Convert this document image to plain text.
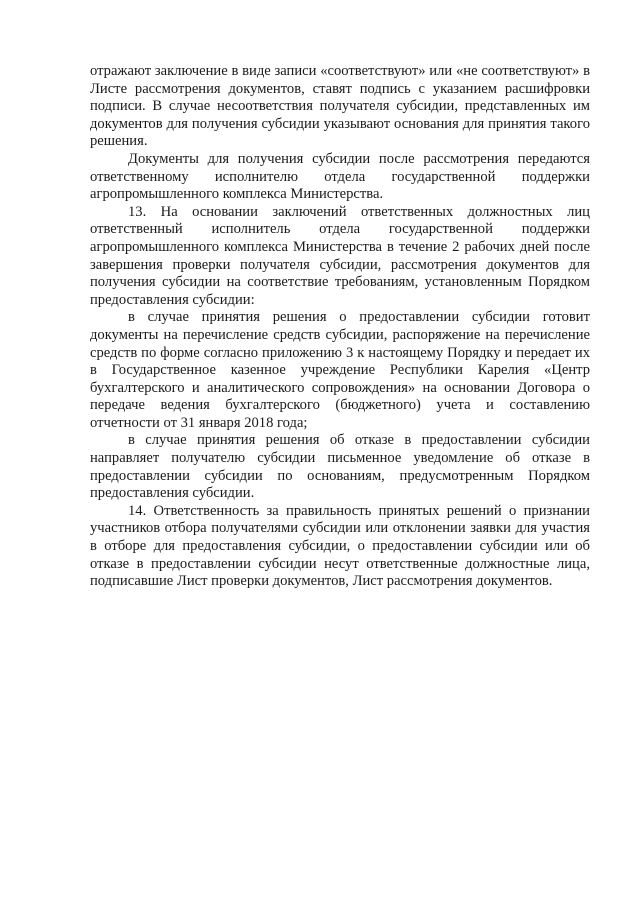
отражают заключение в виде записи «соответствуют» или «не соответствуют» в Листе рассмотрения документов, ставят подпись с указанием расшифровки подписи. В случае несоответствия получателя субсидии, представленных им документов для получения субсидии указывают основания для принятия такого решения.

Документы для получения субсидии после рассмотрения передаются ответственному исполнителю отдела государственной поддержки агропромышленного комплекса Министерства.

13. На основании заключений ответственных должностных лиц ответственный исполнитель отдела государственной поддержки агропромышленного комплекса Министерства в течение 2 рабочих дней после завершения проверки получателя субсидии, рассмотрения документов для получения субсидии на соответствие требованиям, установленным Порядком предоставления субсидии:

в случае принятия решения о предоставлении субсидии готовит документы на перечисление средств субсидии, распоряжение на перечисление средств по форме согласно приложению 3 к настоящему Порядку и передает их в Государственное казенное учреждение Республики Карелия «Центр бухгалтерского и аналитического сопровождения» на основании Договора о передаче ведения бухгалтерского (бюджетного) учета и составлению отчетности от 31 января 2018 года;

в случае принятия решения об отказе в предоставлении субсидии направляет получателю субсидии письменное уведомление об отказе в предоставлении субсидии по основаниям, предусмотренным Порядком предоставления субсидии.

14. Ответственность за правильность принятых решений о признании участников отбора получателями субсидии или отклонении заявки для участия в отборе для предоставления субсидии, о предоставлении субсидии или об отказе в предоставлении субсидии несут ответственные должностные лица, подписавшие Лист проверки документов, Лист рассмотрения документов.
